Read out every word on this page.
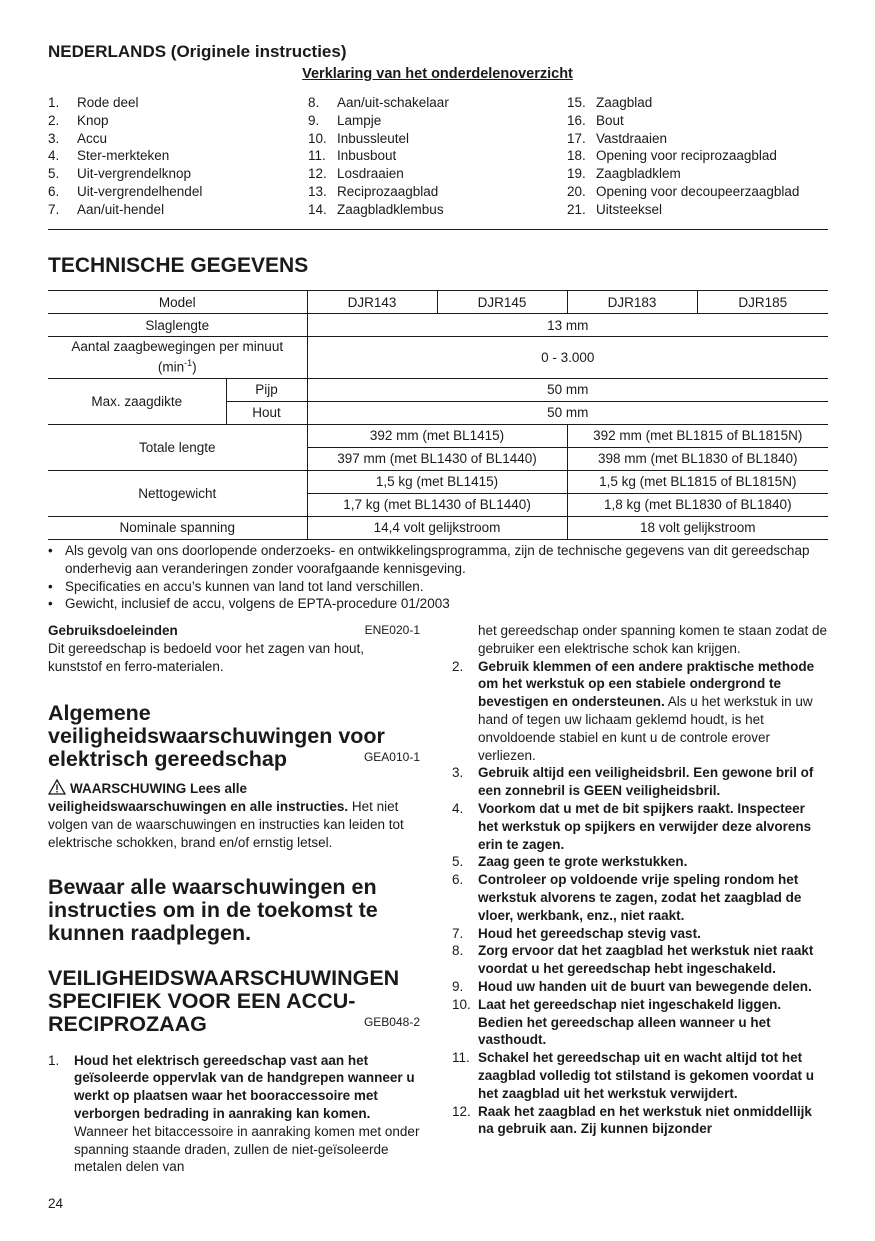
NEDERLANDS (Originele instructies)
Verklaring van het onderdelenoverzicht
1. Rode deel
2. Knop
3. Accu
4. Ster-merkteken
5. Uit-vergrendelknop
6. Uit-vergrendelhendel
7. Aan/uit-hendel
8. Aan/uit-schakelaar
9. Lampje
10. Inbussleutel
11. Inbusbout
12. Losdraaien
13. Reciprozaagblad
14. Zaagbladklembus
15. Zaagblad
16. Bout
17. Vastdraaien
18. Opening voor reciprozaagblad
19. Zaagbladklem
20. Opening voor decoupeerzaagblad
21. Uitsteeksel
TECHNISCHE GEGEVENS
Model		DJR143	DJR145	DJR183	DJR185
Slaglengte		13 mm			

Aantal zaagbewegingen per minuut
$(\min^{-1})$		0 - 3.000			
Max. zaagdikte	Pijp	50 mm			
	Hout	50 mm			
Totale lengte		392 mm (met BL1415)		392 mm (met BL1815 of BL1815N)	
		397 mm (met BL1430 of BL1440)		398 mm (met BL1830 of BL1840)	
Nettogewicht		1,5 kg (met BL1415)		1,5 kg (met BL1815 of BL1815N)	
		1,7 kg (met BL1430 of BL1440)		1,8 kg (met BL1830 of BL1840)	
Nominale spanning		14,4 volt gelijkstroom		18 volt gelijkstroom	
• Als gevolg van ons doorlopende onderzoeks- en ontwikkelingsprogramma, zijn de technische gegevens van dit gereedschap onderhevig aan veranderingen zonder voorafgaande kennisgeving.
• Specificaties en accu’s kunnen van land tot land verschillen.
• Gewicht, inclusief de accu, volgens de EPTA-procedure 01/2003
Gebruiksdoeleinden	ENE020-1
Dit gereedschap is bedoeld voor het zagen van hout, kunststof en ferro-materialen.
Algemene veiligheidswaarschuwingen voor elektrisch gereedschap	GEA010-1
WAARSCHUWING Lees alle veiligheidswaarschuwingen en alle instructies. Het niet volgen van de waarschuwingen en instructies kan leiden tot elektrische schokken, brand en/of ernstig letsel.
Bewaar alle waarschuwingen en instructies om in de toekomst te kunnen raadplegen.
VEILIGHEIDSWAARSCHUWINGEN SPECIFIEK VOOR EEN ACCU-RECIPROZAAG	GEB048-2
1. Houd het elektrisch gereedschap vast aan het geïsoleerde oppervlak van de handgrepen wanneer u werkt op plaatsen waar het booraccessoire met verborgen bedrading in aanraking kan komen. Wanneer het bitaccessoire in aanraking komen met onder spanning staande draden, zullen de niet-geïsoleerde metalen delen van
het gereedschap onder spanning komen te staan zodat de gebruiker een elektrische schok kan krijgen.
2. Gebruik klemmen of een andere praktische methode om het werkstuk op een stabiele ondergrond te bevestigen en ondersteunen. Als u het werkstuk in uw hand of tegen uw lichaam geklemd houdt, is het onvoldoende stabiel en kunt u de controle erover verliezen.
3. Gebruik altijd een veiligheidsbril. Een gewone bril of een zonnebril is GEEN veiligheidsbril.
4. Voorkom dat u met de bit spijkers raakt. Inspecteer het werkstuk op spijkers en verwijder deze alvorens erin te zagen.
5. Zaag geen te grote werkstukken.
6. Controleer op voldoende vrije speling rondom het werkstuk alvorens te zagen, zodat het zaagblad de vloer, werkbank, enz., niet raakt.
7. Houd het gereedschap stevig vast.
8. Zorg ervoor dat het zaagblad het werkstuk niet raakt voordat u het gereedschap hebt ingeschakeld.
9. Houd uw handen uit de buurt van bewegende delen.
10. Laat het gereedschap niet ingeschakeld liggen. Bedien het gereedschap alleen wanneer u het vasthoudt.
11. Schakel het gereedschap uit en wacht altijd tot het zaagblad volledig tot stilstand is gekomen voordat u het zaagblad uit het werkstuk verwijdert.
12. Raak het zaagblad en het werkstuk niet onmiddellijk na gebruik aan. Zij kunnen bijzonder
24
